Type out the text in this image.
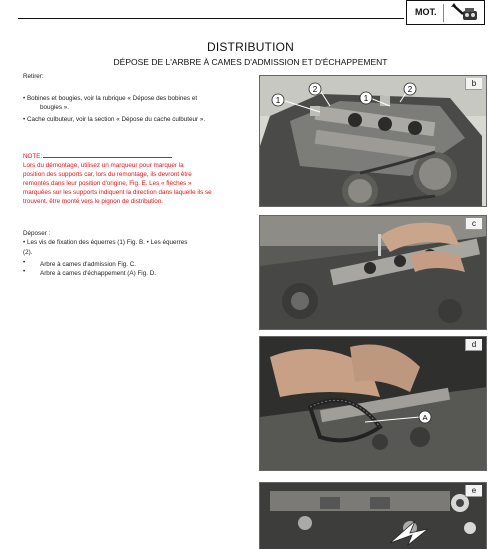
MOT.
DISTRIBUTION
DÉPOSE DE L'ARBRE À CAMES D'ADMISSION ET D'ÉCHAPPEMENT
Retirer:
• Bobines et bougies, voir la rubrique « Dépose des bobines et
bougies ».
• Cache culbuteur, voir la section « Dépose du cache culbuteur ».
NOTE:
Lors du démontage, utilisez un marqueur pour marquer la
position des supports car, lors du remontage, ils devront être
remontés dans leur position d'origine, Fig. E. Les « flèches »
marquées sur les supports indiquent la direction dans laquelle ils se
trouvent. être monté vers le pignon de distribution.
Déposer :
• Les vis de fixation des équerres (1) Fig. B. • Les équerres
(2).
• Arbre à cames d'admission Fig. C.
• Arbre à cames d'échappement (A) Fig. D.
1
2
1
2
b
c
A
d
e
